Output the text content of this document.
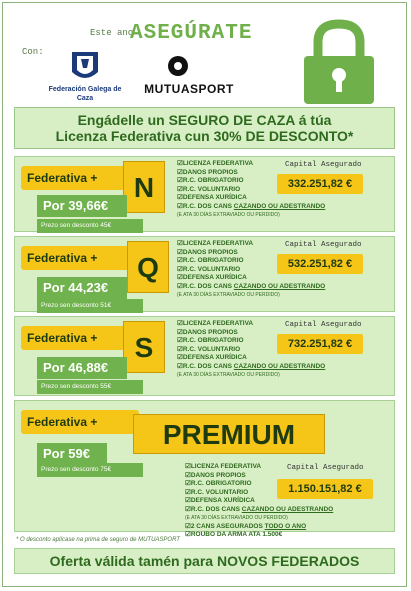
Este ano
ASEGÚRATE
Con:
Federación Galega de Caza
MUTUASPORT
Engádelle un SEGURO DE CAZA á túa
Licenza Federativa cun 30% DE DESCONTO*
Federativa +	N
Por 39,66€
Prezo sen desconto 45€
☑ LICENZA FEDERATIVA
☑ DANOS PROPIOS
☑ R.C. OBRIGATORIO
☑ R.C. VOLUNTARIO
☑ DEFENSA XURÍDICA
☑ R.C. DOS CANS CAZANDO OU ADESTRANDO
(E ATA 30 DÍAS EXTRAVIADO OU PERDIDO)
Capital Asegurado
332.251,82 €
Federativa +	Q
Por 44,23€
Prezo sen desconto 51€
☑ LICENZA FEDERATIVA
☑ DANOS PROPIOS
☑ R.C. OBRIGATORIO
☑ R.C. VOLUNTARIO
☑ DEFENSA XURÍDICA
☑ R.C. DOS CANS CAZANDO OU ADESTRANDO
(E ATA 30 DÍAS EXTRAVIADO OU PERDIDO)
Capital Asegurado
532.251,82 €
Federativa +	S
Por 46,88€
Prezo sen desconto 55€
☑ LICENZA FEDERATIVA
☑ DANOS PROPIOS
☑ R.C. OBRIGATORIO
☑ R.C. VOLUNTARIO
☑ DEFENSA XURÍDICA
☑ R.C. DOS CANS CAZANDO OU ADESTRANDO
(E ATA 30 DÍAS EXTRAVIADO OU PERDIDO)
Capital Asegurado
732.251,82 €
Federativa +	PREMIUM
Por 59€
Prezo sen desconto 75€
☑	LICENZA FEDERATIVA
☑ DANOS PROPIOS
☑ R.C. OBRIGATORIO
☑ R.C. VOLUNTARIO
☑ DEFENSA XURÍDICA
☑ R.C. DOS CANS CAZANDO OU ADESTRANDO
(E ATA 30 DÍAS EXTRAVIADO OU PERDIDO)
☑ 2 CANS ASEGURADOS TODO O ANO
☑ ROUBO DA ARMA ATA 1.500€
Capital Asegurado
1.150.151,82 €
* O desconto aplícase na prima de seguro de MUTUASPORT
Oferta válida tamén para NOVOS FEDERADOS
